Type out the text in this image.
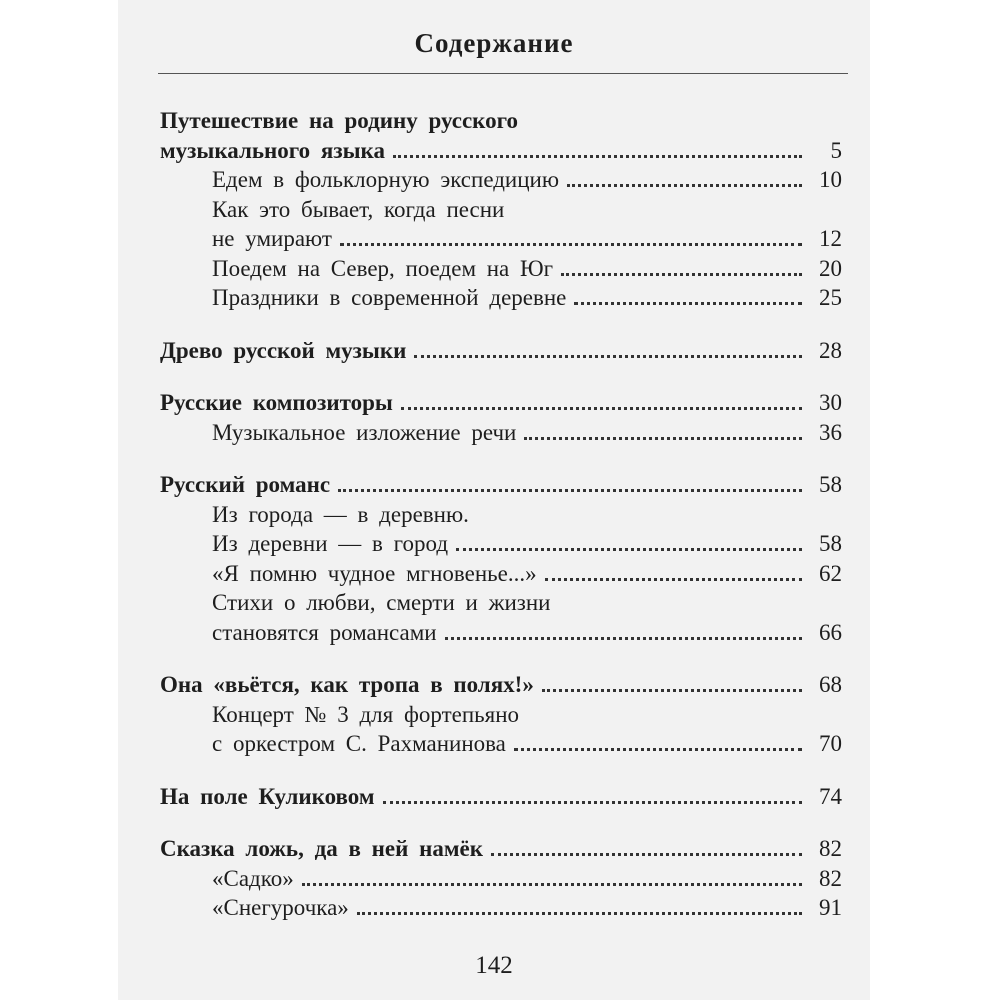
Содержание
Путешествие на родину русского
музыкального языка	5
Едем в фольклорную экспедицию	10
Как это бывает, когда песни
не умирают	12
Поедем на Север, поедем на Юг	20
Праздники в современной деревне	25
Древо русской музыки	28
Русские композиторы	30
Музыкальное изложение речи	36
Русский романс	58
Из города — в деревню.
Из деревни — в город	58
«Я помню чудное мгновенье...»	62
Стихи о любви, смерти и жизни
становятся романсами	66
Она «вьётся, как тропа в полях!»	68
Концерт № 3 для фортепьяно
с оркестром С. Рахманинова	70
На поле Куликовом	74
Сказка ложь, да в ней намёк	82
«Садко»	82
«Снегурочка»	91
142
